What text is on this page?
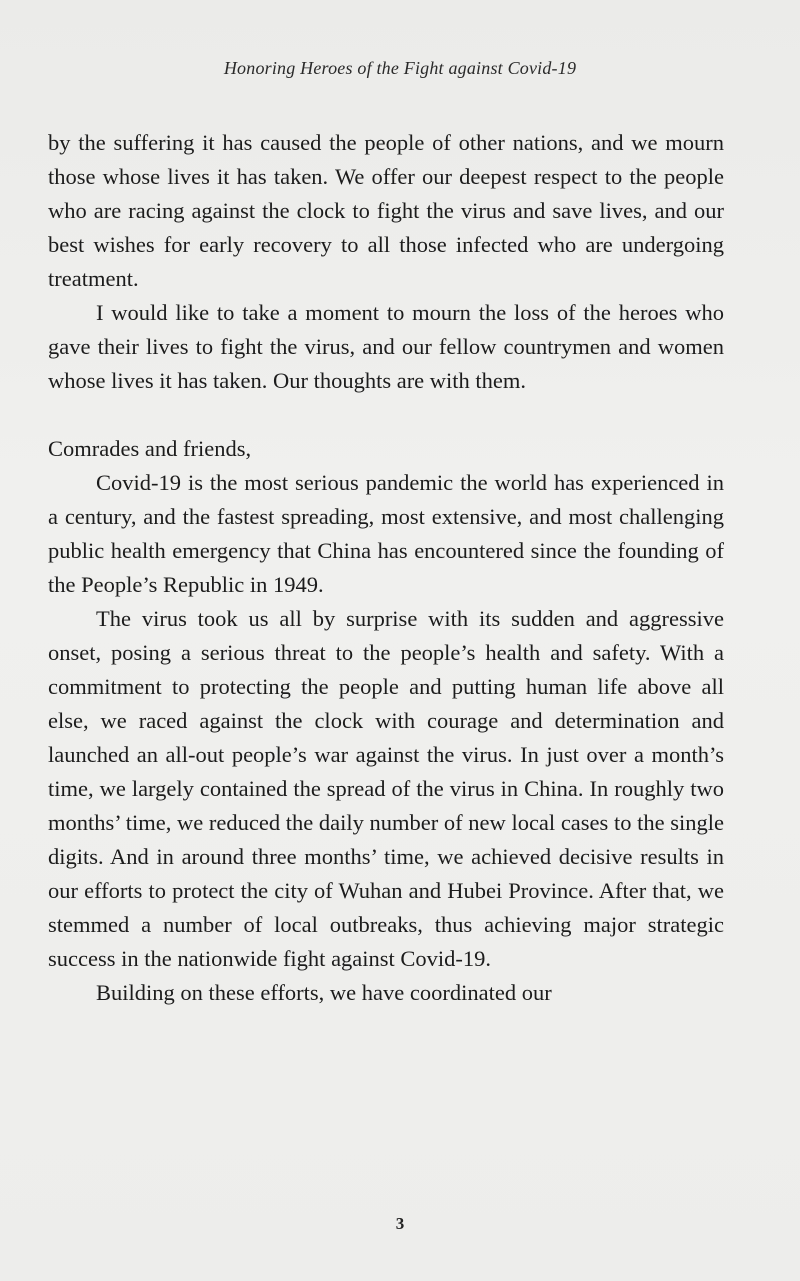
Honoring Heroes of the Fight against Covid-19

by the suffering it has caused the people of other nations, and we mourn those whose lives it has taken. We offer our deepest respect to the people who are racing against the clock to fight the virus and save lives, and our best wishes for early recovery to all those infected who are undergoing treatment.

I would like to take a moment to mourn the loss of the heroes who gave their lives to fight the virus, and our fellow countrymen and women whose lives it has taken. Our thoughts are with them.

Comrades and friends,

Covid-19 is the most serious pandemic the world has experienced in a century, and the fastest spreading, most extensive, and most challenging public health emergency that China has encountered since the founding of the People’s Republic in 1949.

The virus took us all by surprise with its sudden and aggressive onset, posing a serious threat to the people’s health and safety. With a commitment to protecting the people and putting human life above all else, we raced against the clock with courage and determination and launched an all-out people’s war against the virus. In just over a month’s time, we largely contained the spread of the virus in China. In roughly two months’ time, we reduced the daily number of new local cases to the single digits. And in around three months’ time, we achieved decisive results in our efforts to protect the city of Wuhan and Hubei Province. After that, we stemmed a number of local outbreaks, thus achieving major strategic success in the nationwide fight against Covid-19.

Building on these efforts, we have coordinated our

3
